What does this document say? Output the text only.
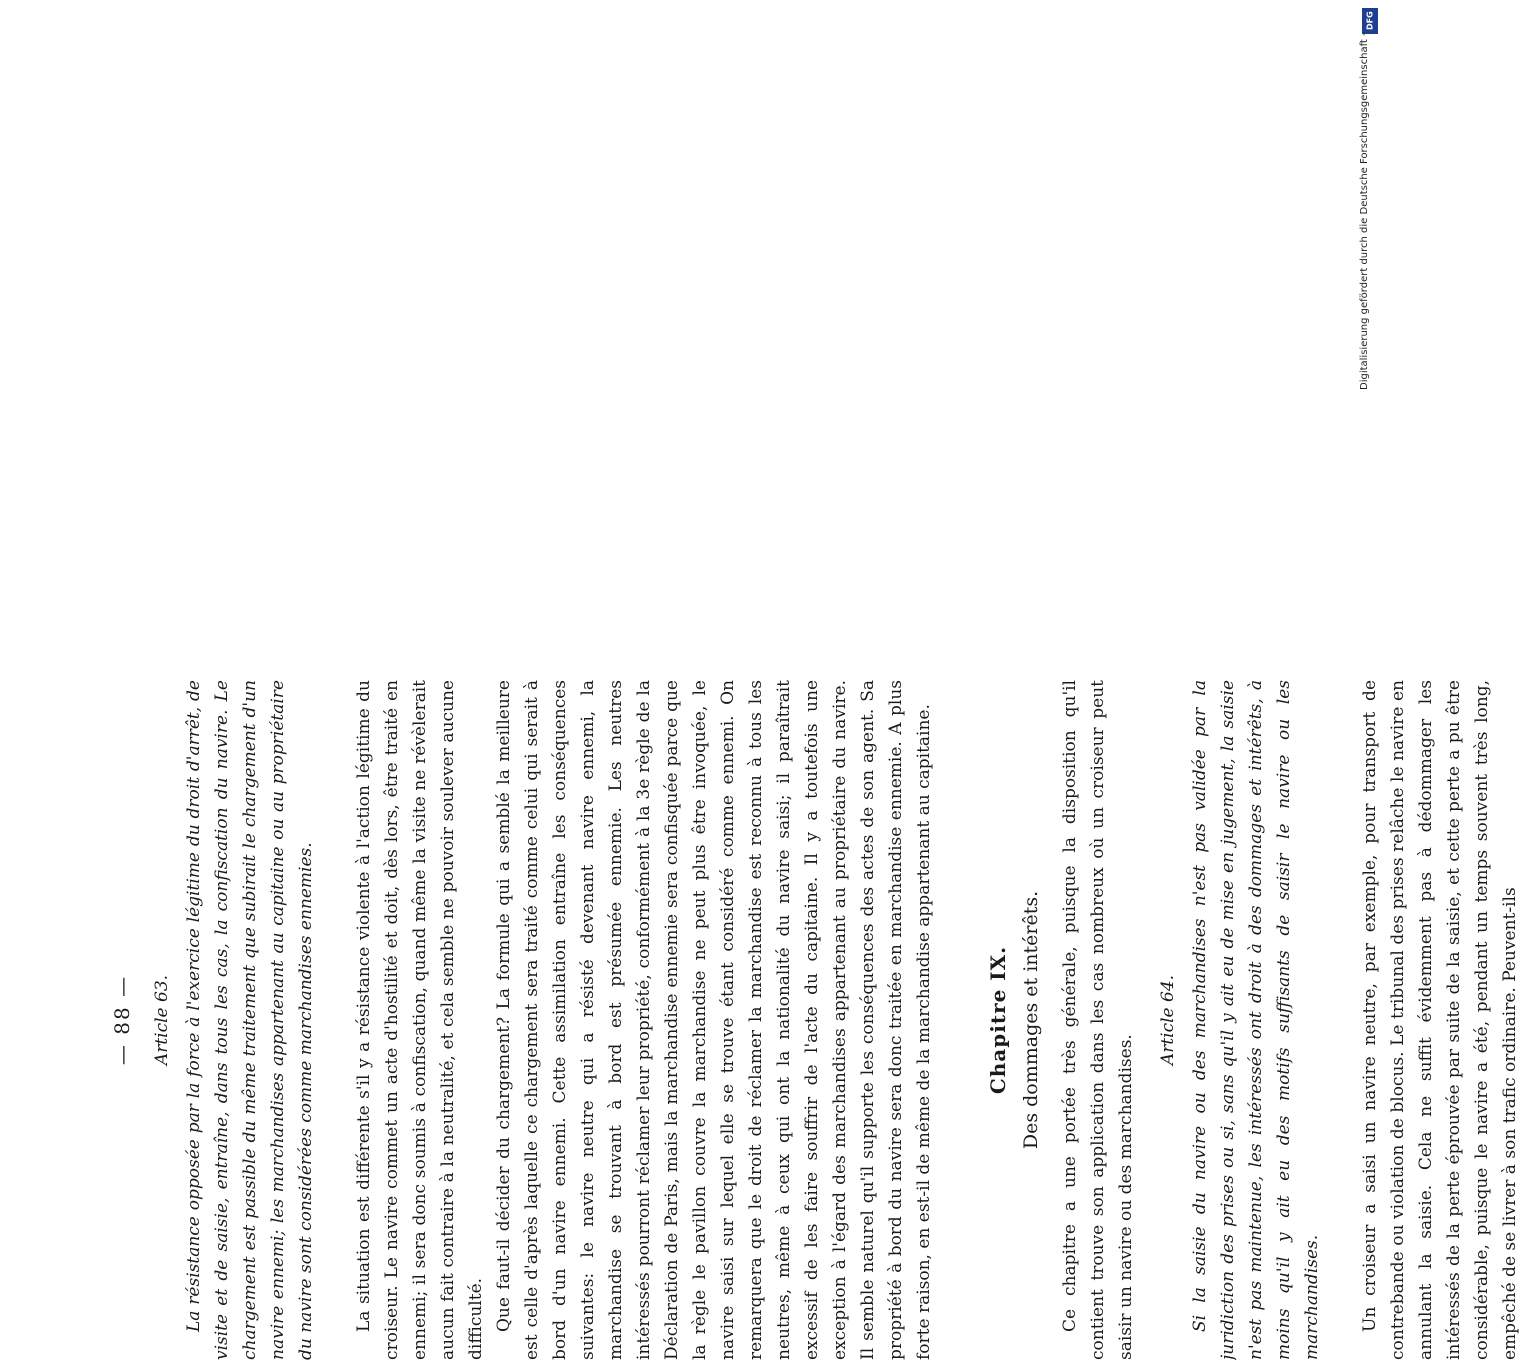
— 88 — Article 63. La résistance opposée par la force à l'exercice légitime du droit d'arrêt, de visite et de saisie, entraîne, dans tous les cas, la confiscation du navire. Le chargement est passible du même traitement que subirait le chargement d'un navire ennemi; les marchandises appartenant au capitaine ou au propriétaire du navire sont considérées comme marchandises ennemies. La situation est différente s'il y a résistance violente à l'action légitime du croiseur. Le navire commet un acte d'hostilité et doit, dès lors, être traité en ennemi; il sera donc soumis à confiscation, quand même la visite ne révèlerait aucun fait contraire à la neutralité, et cela semble ne pouvoir soulever aucune difficulté. Que faut-il décider du chargement? La formule qui a semblé la meilleure est celle d'après laquelle ce chargement sera traité comme celui qui serait à bord d'un navire ennemi. Cette assimilation entraîne les conséquences suivantes: le navire neutre qui a résisté devenant navire ennemi, la marchandise se trouvant à bord est présumée ennemie. Les neutres intéressés pourront réclamer leur propriété, conformément à la 3e règle de la Déclaration de Paris, mais la marchandise ennemie sera confisquée parce que la règle le pavillon couvre la marchandise ne peut plus être invoquée, le navire saisi sur lequel elle se trouve étant considéré comme ennemi. On remarquera que le droit de réclamer la marchandise est reconnu à tous les neutres, même à ceux qui ont la nationalité du navire saisi; il paraîtrait excessif de les faire souffrir de l'acte du capitaine. Il y a toutefois une exception à l'égard des marchandises appartenant au propriétaire du navire. Il semble naturel qu'il supporte les conséquences des actes de son agent. Sa propriété à bord du navire sera donc traitée en marchandise ennemie. A plus forte raison, en est-il de même de la marchandise appartenant au capitaine.	Chapitre IX. Des dommages et intérêts. Ce chapitre a une portée très générale, puisque la disposition qu'il contient trouve son application dans les cas nombreux où un croiseur peut saisir un navire ou des marchandises.

Article 64. Si la saisie du navire ou des marchandises n'est pas validée par la juridiction des prises ou si, sans qu'il y ait eu de mise en jugement, la saisie n'est pas maintenue, les intéressés ont droit à des dommages et intérêts, à moins qu'il y ait eu des motifs suffisants de saisir le navire ou les marchandises. Un croiseur a saisi un navire neutre, par exemple, pour transport de contrebande ou violation de blocus. Le tribunal des prises relâche le navire en annulant la saisie. Cela ne suffit évidemment pas à dédommager les intéressés de la perte éprouvée par suite de la saisie, et cette perte a pu être considérable, puisque le navire a été, pendant un temps souvent très long, empêché de se livrer à son trafic ordinaire. Peuvent-ils

DFG
Digitalisierung gefördert durch die Deutsche Forschungsgemeinschaft -
